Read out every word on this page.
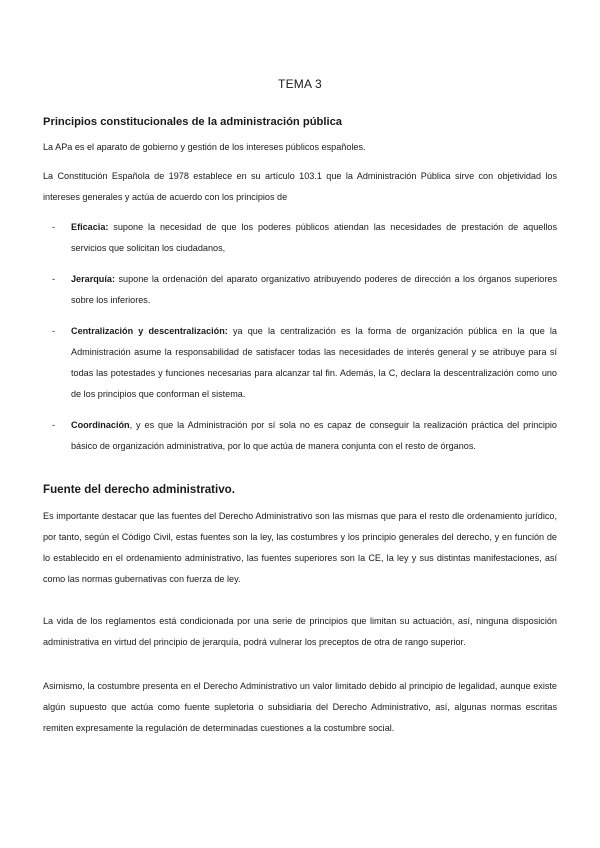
TEMA 3
Principios constitucionales de la administración pública

La APa es el aparato de gobierno y gestión de los intereses públicos españoles.

La Constitución Española de 1978 establece en su artículo 103.1 que la Administración Pública sirve con objetividad los intereses generales y actúa de acuerdo con los principios de

-	Eficacia: supone la necesidad de que los poderes públicos atiendan las necesidades de prestación de aquellos servicios que solicitan los ciudadanos,
-	Jerarquía: supone la ordenación del aparato organizativo atribuyendo poderes de dirección a los órganos superiores sobre los inferiores.
-	Centralización y descentralización: ya que la centralización es la forma de organización pública en la que la Administración asume la responsabilidad de satisfacer todas las necesidades de interés general y se atribuye para sí todas las potestades y funciones necesarias para alcanzar tal fin. Además, la C, declara la descentralización como uno de los principios que conforman el sistema.
-	Coordinación, y es que la Administración por sí sola no es capaz de conseguir la realización práctica del principio básico de organización administrativa, por lo que actúa de manera conjunta con el resto de órganos.
Fuente del derecho administrativo.

Es importante destacar que las fuentes del Derecho Administrativo son las mismas que para el resto dle ordenamiento jurídico, por tanto, según el Código Civil, estas fuentes son la ley, las costumbres y los principio generales del derecho, y en función de lo establecido en el ordenamiento administrativo, las fuentes superiores son la CE, la ley y sus distintas manifestaciones, así como las normas gubernativas con fuerza de ley.

La vida de los reglamentos está condicionada por una serie de principios que limitan su actuación, así, ninguna disposición administrativa en virtud del principio de jerarquía, podrá vulnerar los preceptos de otra de rango superior.

Asimismo, la costumbre presenta en el Derecho Administrativo un valor limitado debido al principio de legalidad, aunque existe algún supuesto que actúa como fuente supletoria o subsidiaria del Derecho Administrativo, así, algunas normas escritas remiten expresamente la regulación de determinadas cuestiones a la costumbre social.
